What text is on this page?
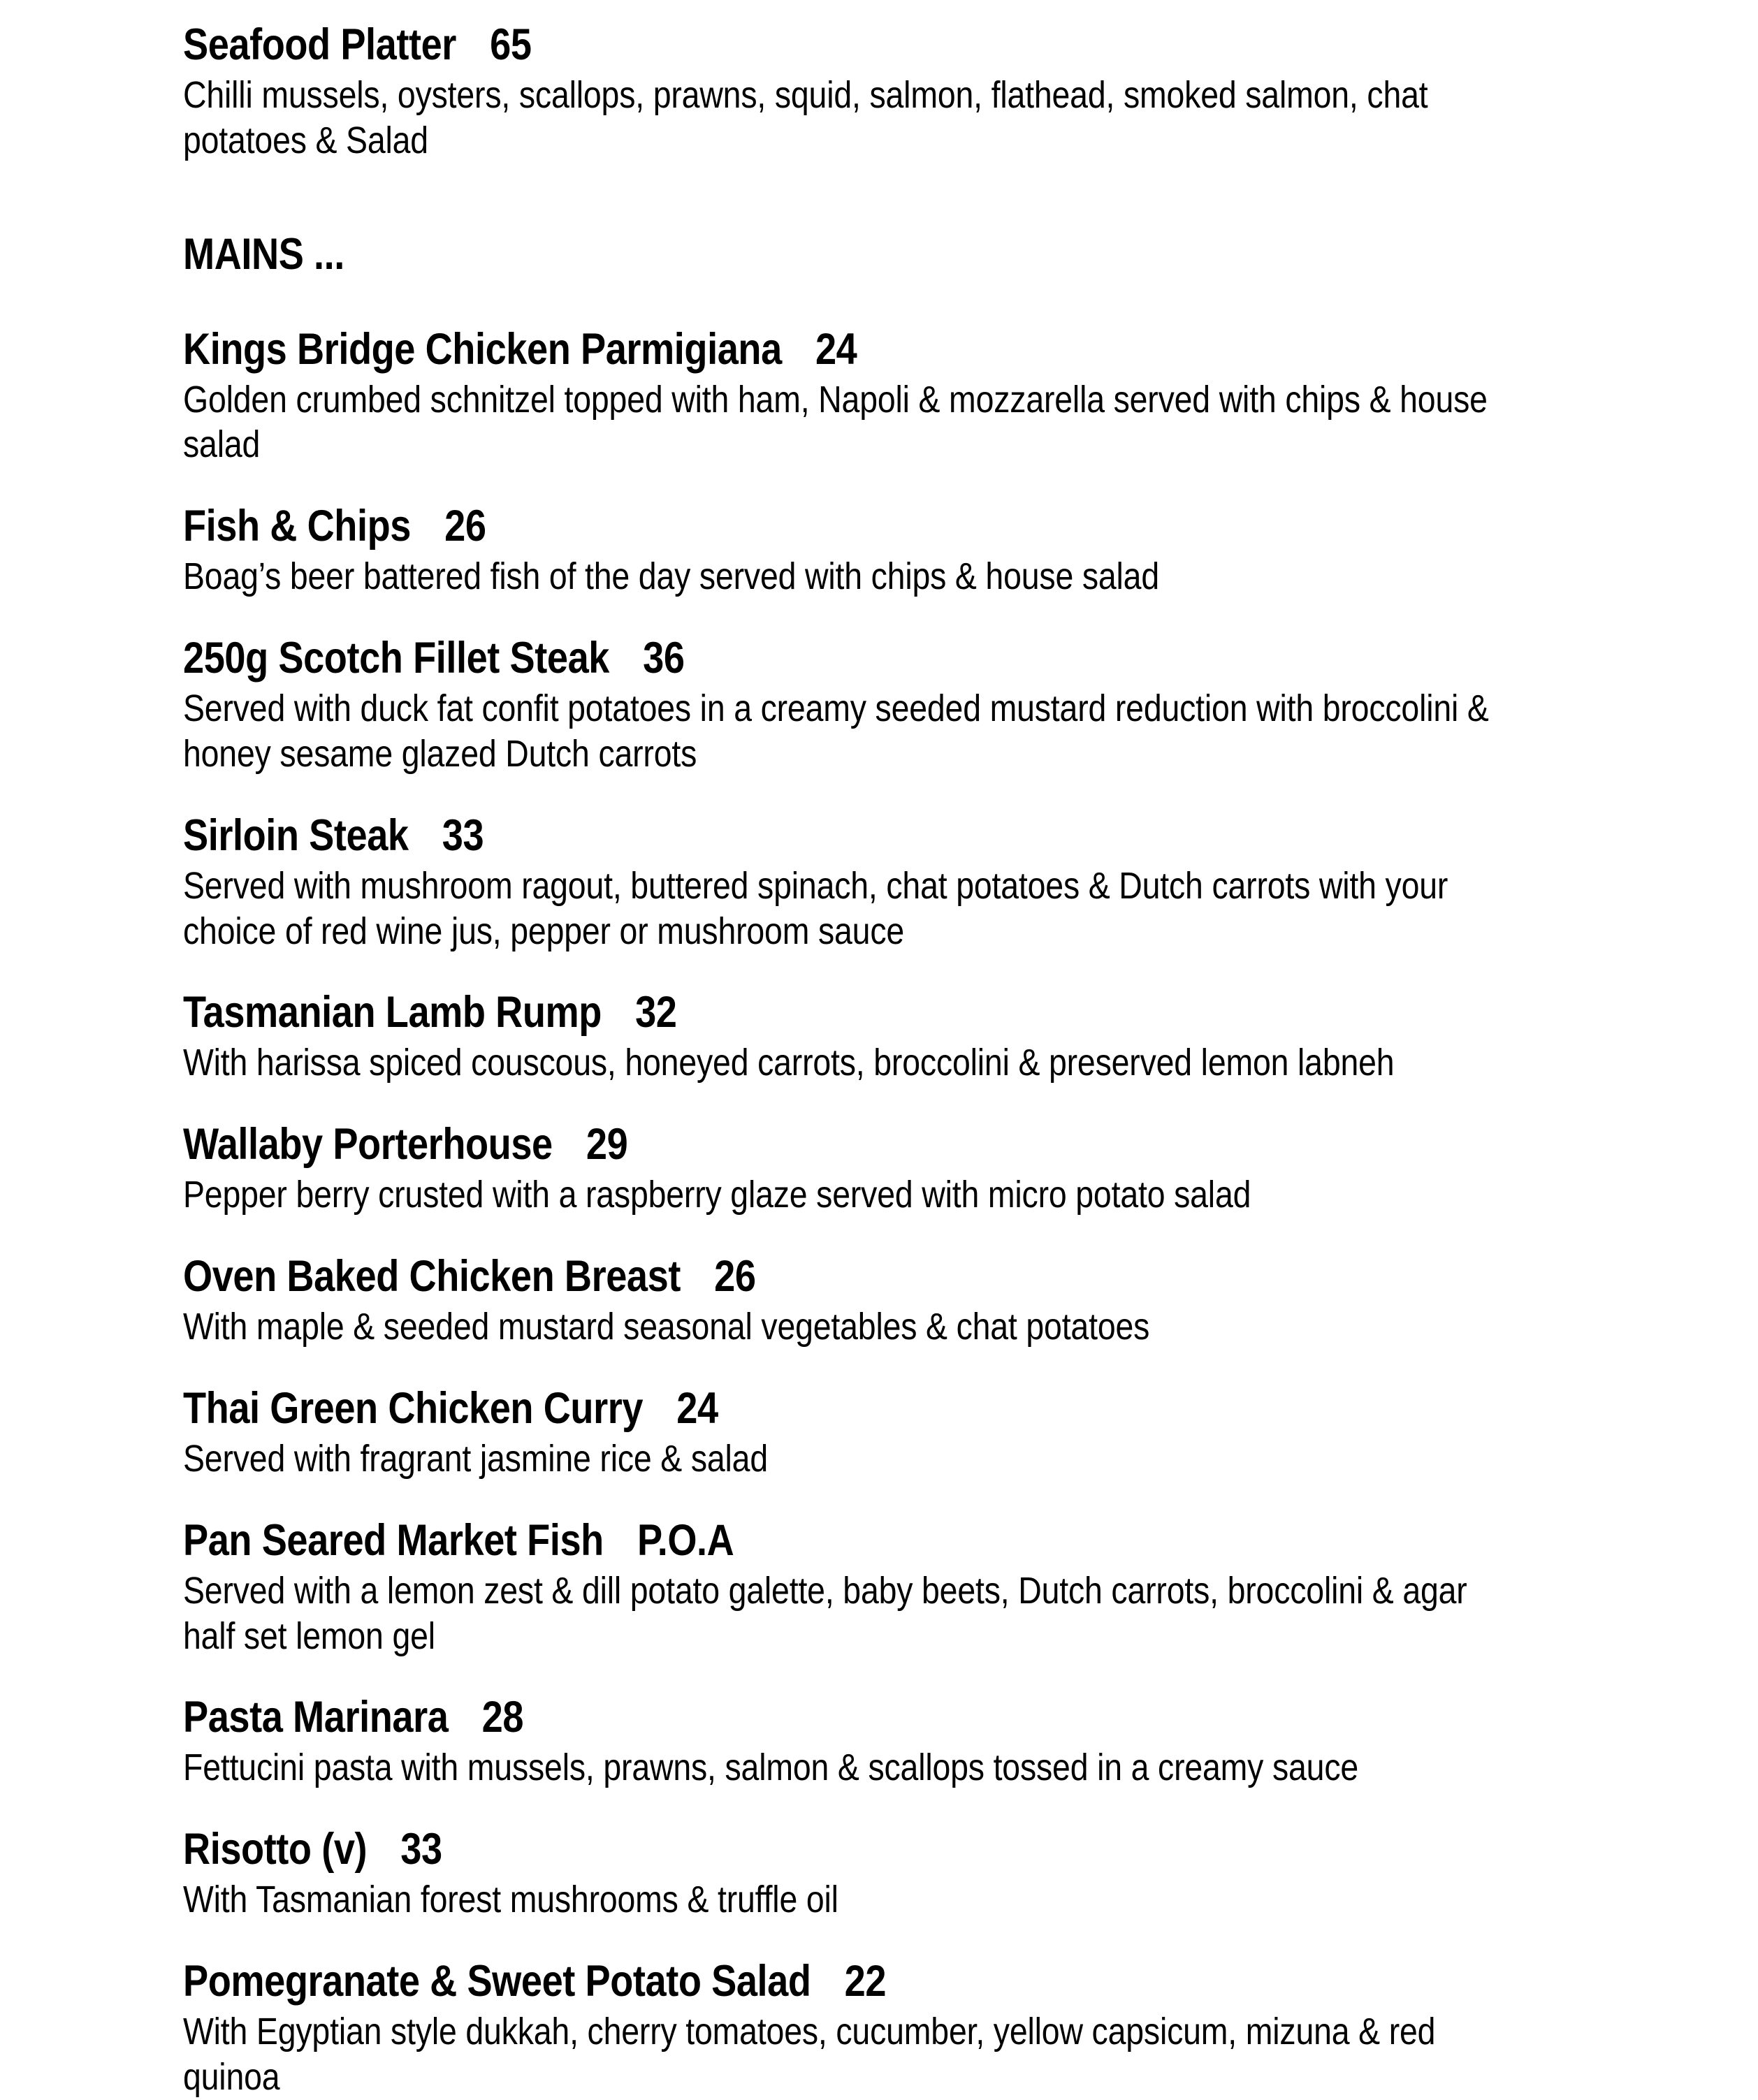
Seafood Platter 65
Chilli mussels, oysters, scallops, prawns, squid, salmon, flathead, smoked salmon, chat potatoes & Salad
MAINS ...
Kings Bridge Chicken Parmigiana 24
Golden crumbed schnitzel topped with ham, Napoli & mozzarella served with chips & house salad
Fish & Chips 26
Boag’s beer battered fish of the day served with chips & house salad
250g Scotch Fillet Steak 36
Served with duck fat confit potatoes in a creamy seeded mustard reduction with broccolini & honey sesame glazed Dutch carrots
Sirloin Steak 33
Served with mushroom ragout, buttered spinach, chat potatoes & Dutch carrots with your choice of red wine jus, pepper or mushroom sauce
Tasmanian Lamb Rump 32
With harissa spiced couscous, honeyed carrots, broccolini & preserved lemon labneh
Wallaby Porterhouse 29
Pepper berry crusted with a raspberry glaze served with micro potato salad
Oven Baked Chicken Breast 26
With maple & seeded mustard seasonal vegetables & chat potatoes
Thai Green Chicken Curry 24
Served with fragrant jasmine rice & salad
Pan Seared Market Fish P.O.A
Served with a lemon zest & dill potato galette, baby beets, Dutch carrots, broccolini & agar half set lemon gel
Pasta Marinara 28
Fettucini pasta with mussels, prawns, salmon & scallops tossed in a creamy sauce
Risotto (v) 33
With Tasmanian forest mushrooms & truffle oil
Pomegranate & Sweet Potato Salad 22
With Egyptian style dukkah, cherry tomatoes, cucumber, yellow capsicum, mizuna & red quinoa
